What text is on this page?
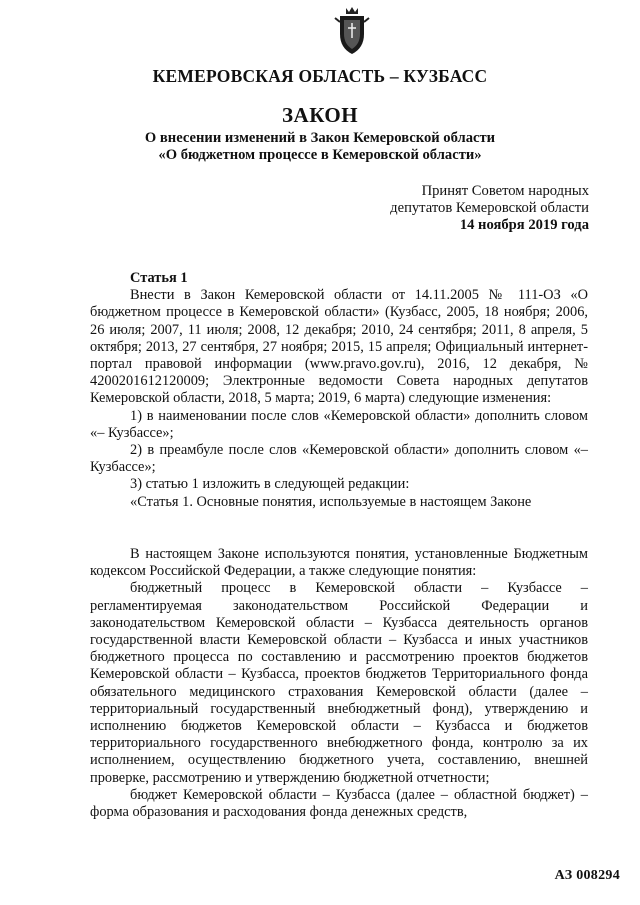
КЕМЕРОВСКАЯ ОБЛАСТЬ – КУЗБАСС
ЗАКОН
О внесении изменений в Закон Кемеровской области
«О бюджетном процессе в Кемеровской области»
Принят Советом народных
депутатов Кемеровской области
14 ноября 2019 года

Статья 1

Внести в Закон Кемеровской области от 14.11.2005 № 111-ОЗ «О бюджетном процессе в Кемеровской области» (Кузбасс, 2005, 18 ноября; 2006, 26 июля; 2007, 11 июля; 2008, 12 декабря; 2010, 24 сентября; 2011, 8 апреля, 5 октября; 2013, 27 сентября, 27 ноября; 2015, 15 апреля; Официальный интернет-портал правовой информации (www.pravo.gov.ru), 2016, 12 декабря, № 4200201612120009; Электронные ведомости Совета народных депутатов Кемеровской области, 2018, 5 марта; 2019, 6 марта) следующие изменения:

1) в наименовании после слов «Кемеровской области» дополнить словом «– Кузбассе»;

2) в преамбуле после слов «Кемеровской области» дополнить словом «– Кузбассе»;

3) статью 1 изложить в следующей редакции:

«Статья 1. Основные понятия, используемые в настоящем Законе

В настоящем Законе используются понятия, установленные Бюджетным кодексом Российской Федерации, а также следующие понятия:

бюджетный процесс в Кемеровской области – Кузбассе – регламентируемая законодательством Российской Федерации и законодательством Кемеровской области – Кузбасса деятельность органов государственной власти Кемеровской области – Кузбасса и иных участников бюджетного процесса по составлению и рассмотрению проектов бюджетов Кемеровской области – Кузбасса, проектов бюджетов Территориального фонда обязательного медицинского страхования Кемеровской области (далее – территориальный государственный внебюджетный фонд), утверждению и исполнению бюджетов Кемеровской области – Кузбасса и бюджетов территориального государственного внебюджетного фонда, контролю за их исполнением, осуществлению бюджетного учета, составлению, внешней проверке, рассмотрению и утверждению бюджетной отчетности;

бюджет Кемеровской области – Кузбасса (далее – областной бюджет) – форма образования и расходования фонда денежных средств,

АЗ 008294
